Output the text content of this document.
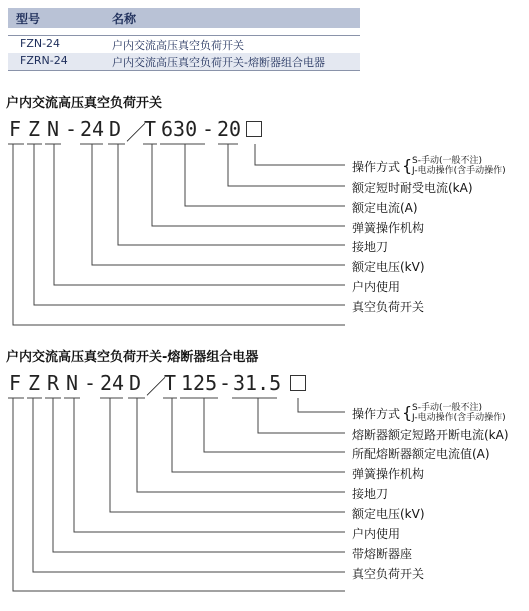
型号	名称
FZN-24	户内交流高压真空负荷开关
FZRN-24	户内交流高压真空负荷开关-熔断器组合电器
户内交流高压真空负荷开关
F Z N - 24 D ／
T 630 - 20
操作方式 { S-手动(一般不注)
J-电动操作(含手动操作)
额定短时耐受电流(kA)
额定电流(A)
弹簧操作机构
接地刀
额定电压(kV)
户内使用
真空负荷开关
户内交流高压真空负荷开关-熔断器组合电器
F Z R N - 24 D ／
T 125 - 31.5
操作方式 { S-手动(一般不注)
J-电动操作(含手动操作)
熔断器额定短路开断电流(kA)
所配熔断器额定电流值(A)
弹簧操作机构
接地刀
额定电压(kV)
户内使用
带熔断器座
真空负荷开关
